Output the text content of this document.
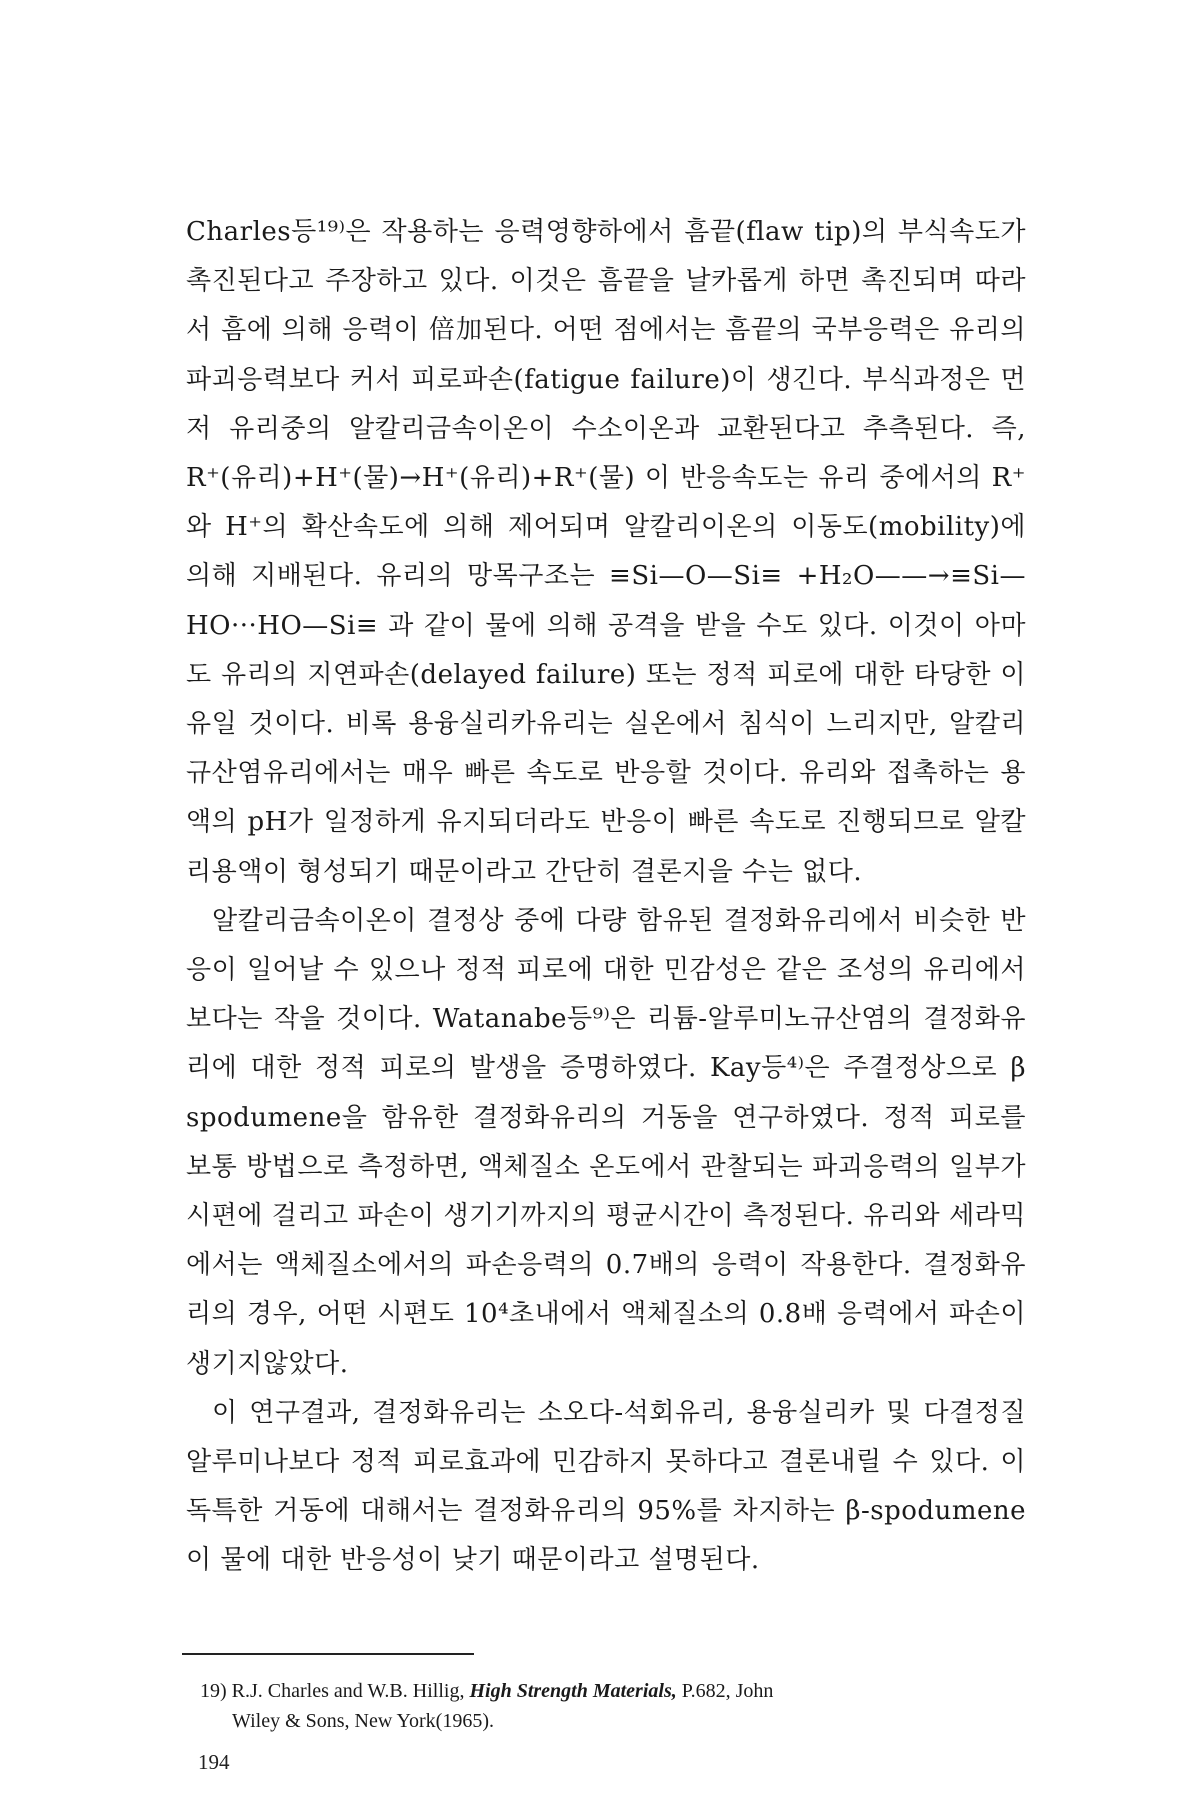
Charles등¹⁹⁾은 작용하는 응력영향하에서 흠끝(flaw tip)의 부식속도가 촉진된다고 주장하고 있다. 이것은 흠끝을 날카롭게 하면 촉진되며 따라서 흠에 의해 응력이 倍加된다. 어떤 점에서는 흠끝의 국부응력은 유리의 파괴응력보다 커서 피로파손(fatigue failure)이 생긴다. 부식과정은 먼저 유리중의 알칼리금속이온이 수소이온과 교환된다고 추측된다. 즉, R⁺(유리)+H⁺(물)→H⁺(유리)+R⁺(물) 이 반응속도는 유리 중에서의 R⁺와 H⁺의 확산속도에 의해 제어되며 알칼리이온의 이동도(mobility)에 의해 지배된다. 유리의 망목구조는 ≡Si—O—Si≡ +H₂O——→≡Si—HO···HO—Si≡ 과 같이 물에 의해 공격을 받을 수도 있다. 이것이 아마도 유리의 지연파손(delayed failure) 또는 정적 피로에 대한 타당한 이유일 것이다. 비록 용융실리카유리는 실온에서 침식이 느리지만, 알칼리규산염유리에서는 매우 빠른 속도로 반응할 것이다. 유리와 접촉하는 용액의 pH가 일정하게 유지되더라도 반응이 빠른 속도로 진행되므로 알칼리용액이 형성되기 때문이라고 간단히 결론지을 수는 없다.

알칼리금속이온이 결정상 중에 다량 함유된 결정화유리에서 비슷한 반응이 일어날 수 있으나 정적 피로에 대한 민감성은 같은 조성의 유리에서보다는 작을 것이다. Watanabe등⁹⁾은 리튬-알루미노규산염의 결정화유리에 대한 정적 피로의 발생을 증명하였다. Kay등⁴⁾은 주결정상으로 β spodumene을 함유한 결정화유리의 거동을 연구하였다. 정적 피로를 보통 방법으로 측정하면, 액체질소 온도에서 관찰되는 파괴응력의 일부가 시편에 걸리고 파손이 생기기까지의 평균시간이 측정된다. 유리와 세라믹에서는 액체질소에서의 파손응력의 0.7배의 응력이 작용한다. 결정화유리의 경우, 어떤 시편도 10⁴초내에서 액체질소의 0.8배 응력에서 파손이 생기지않았다.

이 연구결과, 결정화유리는 소오다-석회유리, 용융실리카 및 다결정질 알루미나보다 정적 피로효과에 민감하지 못하다고 결론내릴 수 있다. 이 독특한 거동에 대해서는 결정화유리의 95%를 차지하는 β-spodumene이 물에 대한 반응성이 낮기 때문이라고 설명된다.

19) R.J. Charles and W.B. Hillig, High Strength Materials, P.682, John
Wiley & Sons, New York(1965).
194
